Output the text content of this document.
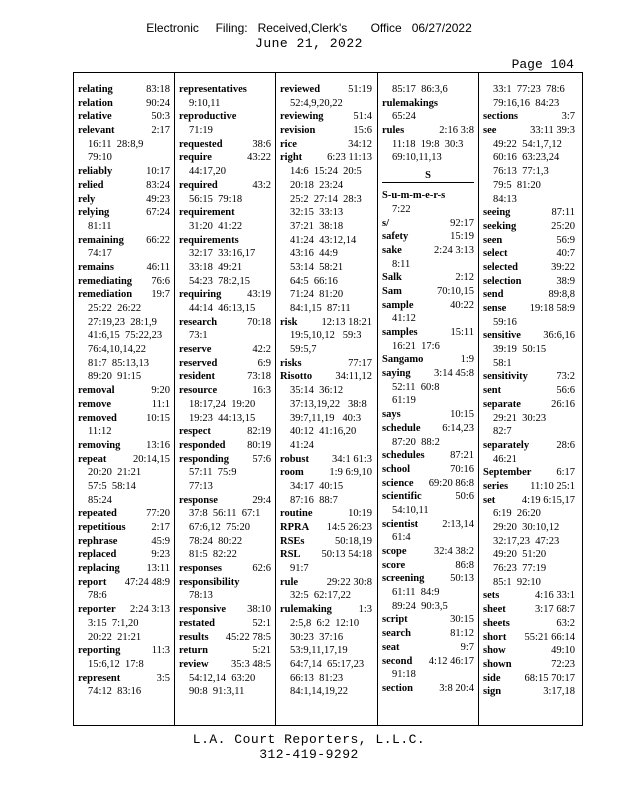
Electronic     Filing:   Received,Clerk's       Office   06/27/2022
June 21, 2022
Page 104
relating	83:18
relation	90:24
relative	50:3
relevant	2:17
16:11  28:8,9
79:10
reliably	10:17
relied	83:24
rely	49:23
relying	67:24
81:11
remaining 66:22
74:17
remains	46:11
remediating 76:6
remediation 19:7
25:22  26:22
27:19,23  28:1,9
41:6,15  75:22,23
76:4,10,14,22
81:7  85:13,13
89:20  91:15
removal	9:20
remove	11:1
removed	10:15
11:12
removing 13:16
repeat	20:14,15
20:20  21:21
57:5  58:14
85:24
repeated	77:20
repetitious 2:17
rephrase	45:9
replaced	9:23
replacing	13:11
report 47:24 48:9
78:6
reporter 2:24 3:13
3:15  7:1,20
20:22  21:21
reporting	11:3
15:6,12  17:8
represent	3:5
74:12  83:16
representatives
9:10,11
reproductive
71:19
requested	38:6
require	43:22
44:17,20
required	43:2
56:15  79:18
requirement
31:20  41:22
requirements
32:17  33:16,17
33:18  49:21
54:23  78:2,15
requiring 43:19
44:14  46:13,15
research	70:18
73:1
reserve	42:2
reserved	6:9
resident	73:18
resource	16:3
18:17,24  19:20
19:23  44:13,15
respect	82:19
responded 80:19
responding 57:6
57:11  75:9
77:13
response	29:4
37:8  56:11  67:1
67:6,12  75:20
78:24  80:22
81:5  82:22
responses	62:6
responsibility
78:13
responsive 38:10
restated	52:1
results 45:22 78:5
return	5:21
review 35:3 48:5
54:12,14  63:20
90:8  91:3,11
reviewed	51:19
52:4,9,20,22
reviewing	51:4
revision	15:6
rice	34:12
right 6:23 11:13
14:6  15:24  20:5
20:18  23:24
25:2  27:14  28:3
32:15  33:13
37:21  38:18
41:24  43:12,14
43:16  44:9
53:14  58:21
64:5  66:16
71:24  81:20
84:1,15  87:11
risk 12:13 18:21
19:5,10,12   59:3
59:5,7
risks	77:17
Risotto 34:11,12
35:14  36:12
37:13,19,22   38:8
39:7,11,19   40:3
40:12  41:16,20
41:24
robust 34:1 61:3
room 1:9 6:9,10
34:17  40:15
87:16  88:7
routine	10:19
RPRA 14:5 26:23
RSEs	50:18,19
RSL 50:13 54:18
91:7
rule	29:22 30:8
32:5  62:17,22
rulemaking	1:3
2:5,8  6:2  12:10
30:23  37:16
53:9,11,17,19
64:7,14  65:17,23
66:13  81:23
84:1,14,19,22
85:17  86:3,6
rulemakings
65:24
rules	2:16 3:8
11:18  19:8  30:3
69:10,11,13
S
S-u-m-m-e-r-s
7:22
s/	92:17
safety	15:19
sake	2:24 3:13
8:11
Salk	2:12
Sam	70:10,15
sample	40:22
41:12
samples	15:11
16:21  17:6
Sangamo	1:9
saying 3:14 45:8
52:11  60:8
61:19
says	10:15
schedule 6:14,23
87:20  88:2
schedules 87:21
school	70:16
science 69:20 86:8
scientific	50:6
54:10,11
scientist 2:13,14
61:4
scope	32:4 38:2
score	86:8
screening 50:13
61:11  84:9
89:24  90:3,5
script	30:15
search	81:12
seat	9:7
second 4:12 46:17
91:18
section	3:8 20:4
33:1  77:23  78:6
79:16,16  84:23
sections	3:7
see	33:11 39:3
49:22  54:1,7,12
60:16  63:23,24
76:13  77:1,3
79:5  81:20
84:13
seeing	87:11
seeking	25:20
seen	56:9
select	40:7
selected	39:22
selection	38:9
send	89:8,8
sense 19:18 58:9
59:16
sensitive 36:6,16
39:19  50:15
58:1
sensitivity	73:2
sent	56:6
separate	26:16
29:21  30:23
82:7
separately	28:6
46:21
September 6:17
series 11:10 25:1
set	4:19 6:15,17
6:19  26:20
29:20  30:10,12
32:17,23  47:23
49:20  51:20
76:23  77:19
85:1  92:10
sets	4:16 33:1
sheet	3:17 68:7
sheets	63:2
short 55:21 66:14
show	49:10
shown	72:23
side 68:15 70:17
sign	3:17,18
L.A. Court Reporters, L.L.C.
312-419-9292
